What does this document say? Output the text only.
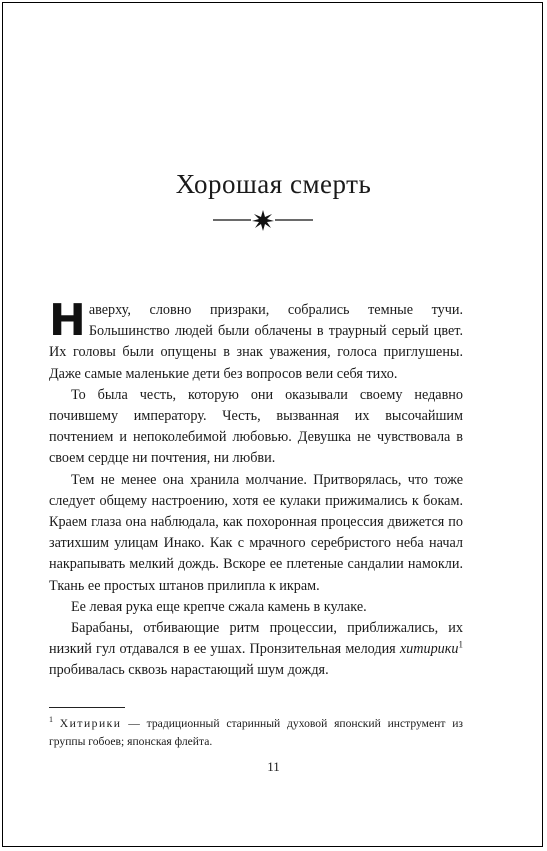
Хорошая смерть

Наверху, словно призраки, собрались темные тучи. Большинство людей были облачены в траурный серый цвет. Их головы были опущены в знак уважения, голоса приглушены. Даже самые маленькие дети без вопросов вели себя тихо.

То была честь, которую они оказывали своему недавно почившему императору. Честь, вызванная их высочайшим почтением и непоколебимой любовью. Девушка не чувствовала в своем сердце ни почтения, ни любви.

Тем не менее она хранила молчание. Притворялась, что тоже следует общему настроению, хотя ее кулаки прижимались к бокам. Краем глаза она наблюдала, как похоронная процессия движется по затихшим улицам Инако. Как с мрачного серебристого неба начал накрапывать мелкий дождь. Вскоре ее плетеные сандалии намокли. Ткань ее простых штанов прилипла к икрам.

Ее левая рука еще крепче сжала камень в кулаке.

Барабаны, отбивающие ритм процессии, приближались, их низкий гул отдавался в ее ушах. Пронзительная мелодия хитирики$^1$ пробивалась сквозь нарастающий шум дождя.

$^1$ Хитирики — традиционный старинный духовой японский инструмент из группы гобоев; японская флейта.
11
